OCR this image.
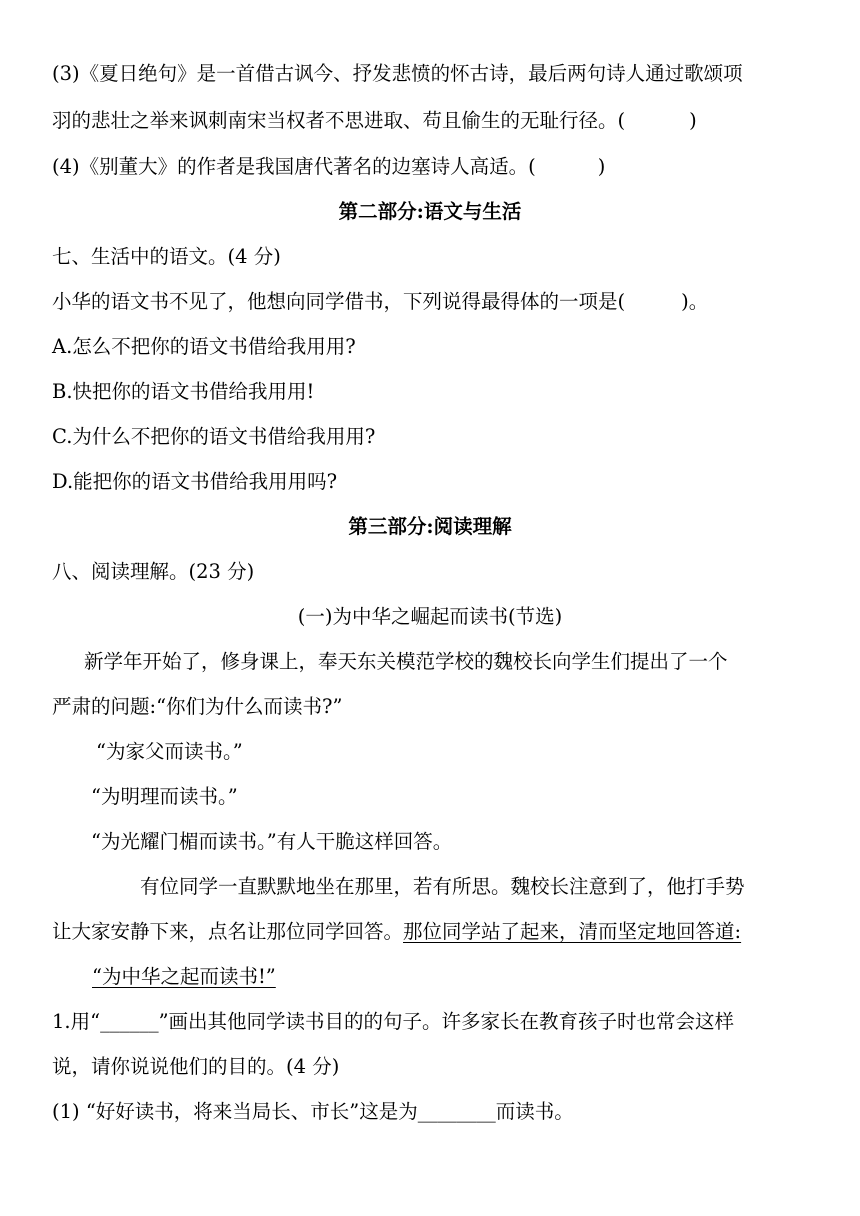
(3)《夏日绝句》是一首借古讽今、抒发悲愤的怀古诗，最后两句诗人通过歌颂项
羽的悲壮之举来讽刺南宋当权者不思进取、苟且偷生的无耻行径。(	)
(4)《别董大》的作者是我国唐代著名的边塞诗人高适。(	)
第二部分:语文与生活
七、生活中的语文。(4 分)
小华的语文书不见了，他想向同学借书，下列说得最得体的一项是(	)。
A.怎么不把你的语文书借给我用用?
B.快把你的语文书借给我用用!
C.为什么不把你的语文书借给我用用?
D.能把你的语文书借给我用用吗?
第三部分:阅读理解
八、阅读理解。(23 分)
(一)为中华之崛起而读书(节选)
新学年开始了，修身课上，奉天东关模范学校的魏校长向学生们提出了一个
严肃的问题:“你们为什么而读书?”
“为家父而读书。”
“为明理而读书。”
“为光耀门楣而读书。”有人干脆这样回答。
有位同学一直默默地坐在那里，若有所思。魏校长注意到了，他打手势
让大家安静下来，点名让那位同学回答。那位同学站了起来，清而坚定地回答道:
“为中华之起而读书!”
1.用“______”画出其他同学读书目的的句子。许多家长在教育孩子时也常会这样
说，请你说说他们的目的。(4 分)
(1) “好好读书，将来当局长、市长”这是为________而读书。
